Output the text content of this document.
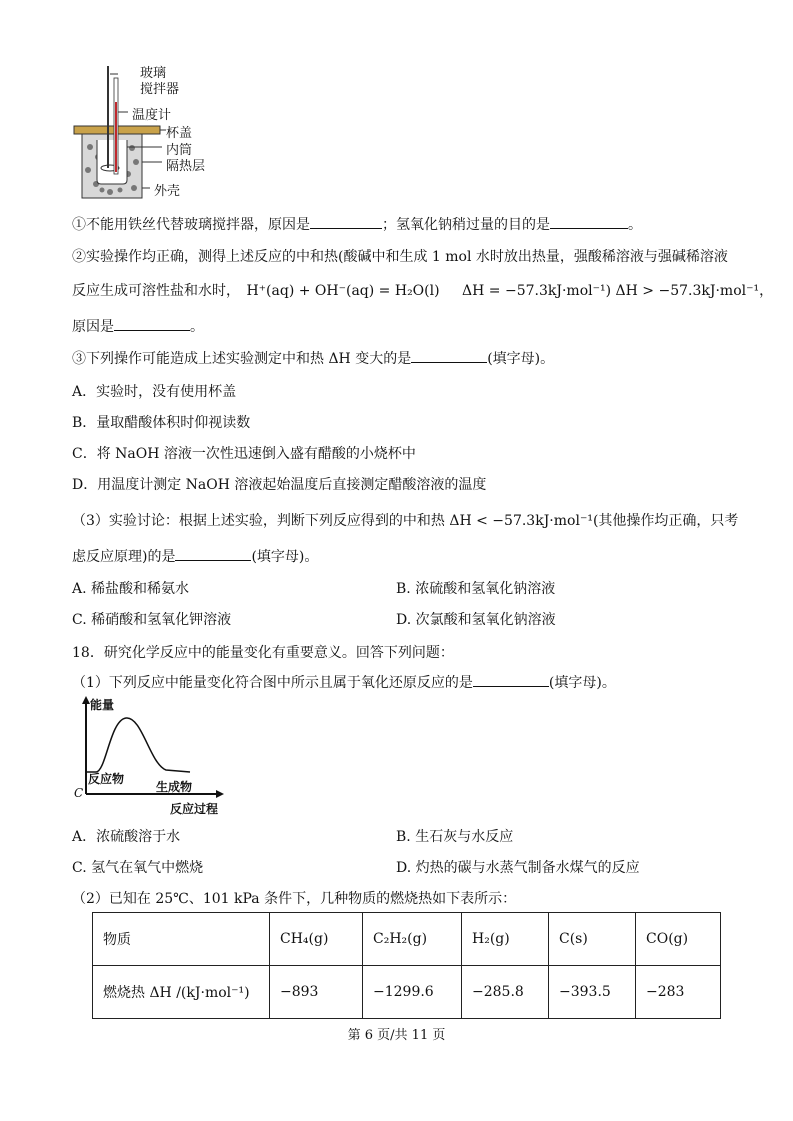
玻璃
搅拌器
温度计
杯盖
内筒
隔热层
外壳
①不能用铁丝代替玻璃搅拌器，原因是	；氢氧化钠稍过量的目的是	。
②实验操作均正确，测得上述反应的中和热(酸碱中和生成 1 mol 水时放出热量，强酸稀溶液与强碱稀溶液
反应生成可溶性盐和水时， H⁺(aq) + OH⁻(aq) = H₂O(l) ΔH = −57.3kJ·mol⁻¹) ΔH > −57.3kJ·mol⁻¹，
原因是	。
③下列操作可能造成上述实验测定中和热 ΔH 变大的是	(填字母)。
A．实验时，没有使用杯盖
B．量取醋酸体积时仰视读数
C．将 NaOH 溶液一次性迅速倒入盛有醋酸的小烧杯中
D．用温度计测定 NaOH 溶液起始温度后直接测定醋酸溶液的温度
（3）实验讨论：根据上述实验，判断下列反应得到的中和热 ΔH < −57.3kJ·mol⁻¹(其他操作均正确，只考
虑反应原理)的是	(填字母)。
A. 稀盐酸和稀氨水	B. 浓硫酸和氢氧化钠溶液
C. 稀硝酸和氢氧化钾溶液	D. 次氯酸和氢氧化钠溶液
18．研究化学反应中的能量变化有重要意义。回答下列问题：
（1）下列反应中能量变化符合图中所示且属于氧化还原反应的是	(填字母)。
能量
反应物
生成物
C
反应过程
A．浓硫酸溶于水	B. 生石灰与水反应
C. 氢气在氧气中燃烧	D. 灼热的碳与水蒸气制备水煤气的反应
（2）已知在 25℃、101 kPa 条件下，几种物质的燃烧热如下表所示：
物质	CH₄(g)	C₂H₂(g)	H₂(g)	C(s)	CO(g)
燃烧热 ΔH /(kJ·mol⁻¹)	−893	−1299.6	−285.8	−393.5	−283
第 6 页/共 11 页
